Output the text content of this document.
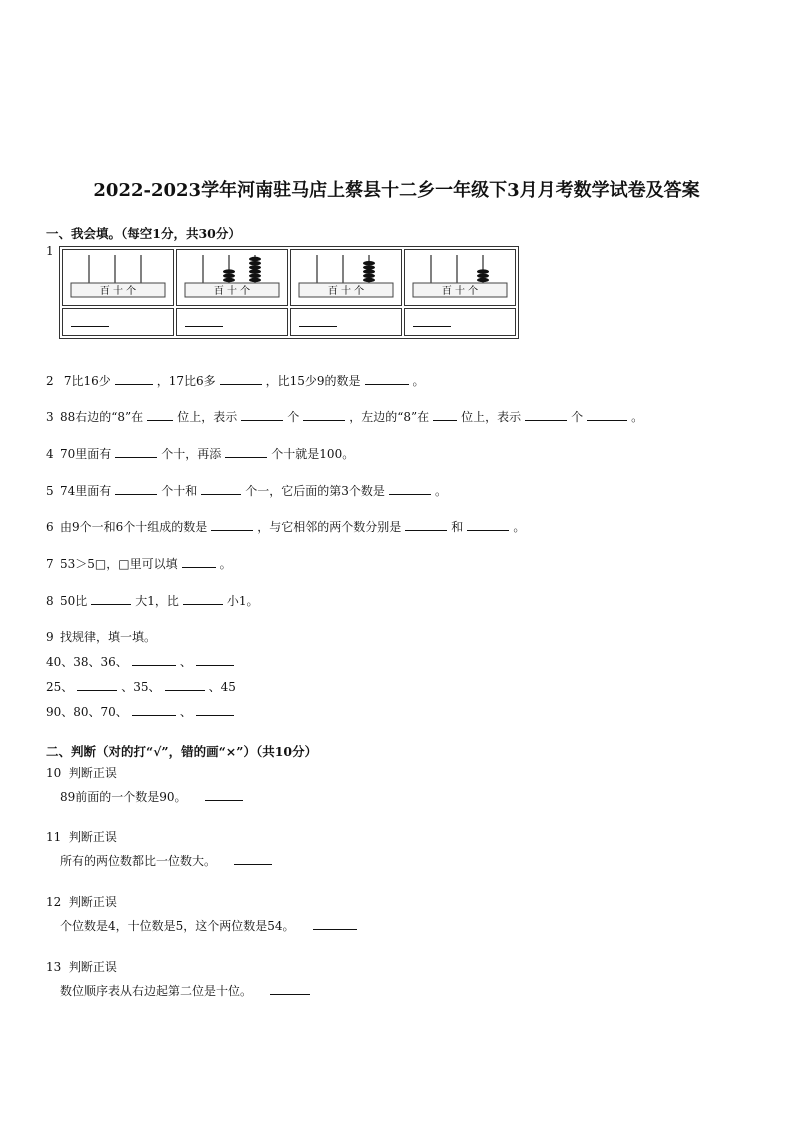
2022-2023学年河南驻马店上蔡县十二乡一年级下3月月考数学试卷及答案
一、我会填。（每空1分，共30分）
1
百 十 个	百 十 个	百 十 个	百 十 个

2 7比16少	，17比6多	，比15少9的数是	。
3 88右边的“8”在	位上，表示	个	，左边的“8”在	位上，表示	个	。
4 70里面有	个十，再添	个十就是100。
5 74里面有	个十和	个一，它后面的第3个数是	。
6 由9个一和6个十组成的数是	，与它相邻的两个数分别是	和	。
7 53＞5□，□里可以填	。
8 50比	大1，比	小1。
9 找规律，填一填。
40、38、36、	、
25、	、35、	、45
90、80、70、	、
二、判断（对的打“√”，错的画“×”）（共10分）
10 判断正误
89前面的一个数是90。
11 判断正误
所有的两位数都比一位数大。
12 判断正误
个位数是4，十位数是5，这个两位数是54。
13 判断正误
数位顺序表从右边起第二位是十位。
